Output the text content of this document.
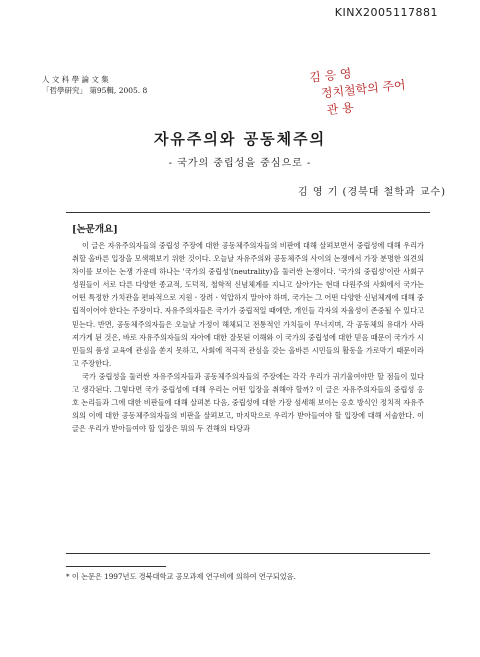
KINX2005117881
人 文 科 學 論 文 集
「哲學研究」 第95輯, 2005. 8
김 응 영
정치철학의 주어
관 용
자유주의와 공동체주의
- 국가의 중립성을 중심으로 -
김 영 기 (경북대 철학과 교수)
[논문개요]

이 글은 자유주의자들의 중립성 주장에 대한 공동체주의자들의 비판에 대해 살펴보면서 중립성에 대해 우리가 취할 올바른 입장을 모색해보기 위한 것이다. 오늘날 자유주의와 공동체주의 사이의 논쟁에서 가장 분명한 의견의 차이를 보이는 논쟁 가운데 하나는 '국가의 중립성'(neutrality)을 둘러싼 논쟁이다. '국가의 중립성'이란 사회구성원들이 서로 다른 다양한 종교적, 도덕적, 철학적 신념체계를 지니고 살아가는 현대 다원주의 사회에서 국가는 어떤 특정한 가치관을 편파적으로 지원ㆍ장려ㆍ억압하지 말아야 하며, 국가는 그 어떤 다양한 신념체계에 대해 중립적이어야 한다는 주장이다. 자유주의자들은 국가가 중립적일 때에만, 개인들 각자의 자율성이 존중될 수 있다고 믿는다. 반면, 공동체주의자들은 오늘날 가정이 해체되고 전통적인 가치들이 무너지며, 각 공동체의 유대가 사라져가게 된 것은, 바로 자유주의자들의 자아에 대한 잘못된 이해와 이 국가의 중립성에 대한 믿음 때문이 국가가 시민들의 품성 교육에 관심을 쏟지 못하고, 사회에 적극적 관심을 갖는 올바른 시민들의 활동을 가로막기 때문이라고 주장한다.

국가 중립성을 둘러싼 자유주의자들과 공동체주의자들의 주장에는 각각 우리가 귀기울여야만 할 점들이 있다고 생각된다. 그렇다면 국가 중립성에 대해 우리는 어떤 입장을 취해야 할까? 이 글은 자유주의자들의 중립성 옹호 논리들과 그에 대한 비판들에 대해 살펴본 다음, 중립성에 대한 가장 섬세해 보이는 옹호 방식인 정치적 자유주의의 이에 대한 공동체주의자들의 비판을 살펴보고, 마지막으로 우리가 받아들여야 할 입장에 대해 서술한다. 이 글은 우리가 받아들여야 할 입장은 뭐의 두 견해의 타당과

* 이 논문은 1997년도 경북대학교 공모과제 연구비에 의하여 연구되었음.
